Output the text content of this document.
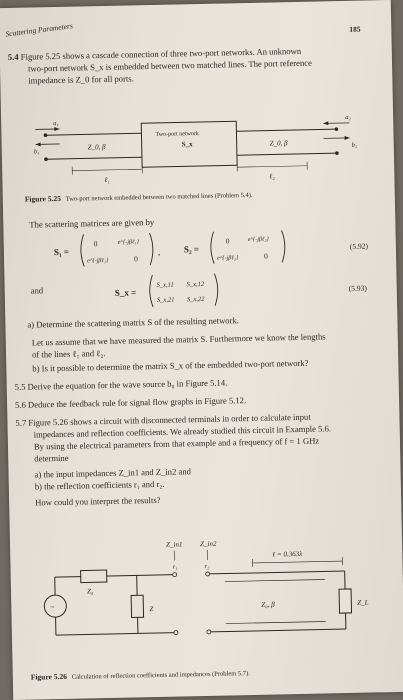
Scattering Parameters	185
5.4 Figure 5.25 shows a cascade connection of three two-port networks. An unknown
two-port network S_x is embedded between two matched lines. The port reference
impedance is Z_0 for all ports.
a₁
b₁
a₂
b₂
Z_0, β	Z_0, β
Two-port network
S_x
ℓ₁	ℓ₂
Figure 5.25 Two-port network embedded between two matched lines (Problem 5.4).
The scattering matrices are given by
S₁ =
0	e^{-jβℓ₁}
e^{-jβℓ₁}	0
,	S₂ =
0	e^{-jβℓ₂}
e^{-jβℓ₂}	0
(5.92)
and	S_x =
S_x,11 S_x,12
S_x,21 S_x,22
(5.93)
a) Determine the scattering matrix S of the resulting network.
Let us assume that we have measured the matrix S. Furthermore we know the lengths
of the lines ℓ₁ and ℓ₂.
b) Is it possible to determine the matrix S_x of the embedded two-port network?
5.5 Derive the equation for the wave source b₀ in Figure 5.14.
5.6 Deduce the feedback rule for signal flow graphs in Figure 5.12.
5.7 Figure 5.26 shows a circuit with disconnected terminals in order to calculate input
impedances and reflection coefficients. We already studied this circuit in Example 5.6.
By using the electrical parameters from that example and a frequency of f = 1 GHz
determine
a) the input impedances Z_in1 and Z_in2 and
b) the reflection coefficients r₁ and r₂.
How could you interpret the results?
Z_in1 Z_in2
r₁	r₂
ℓ = 0.363λ
~
Z₀
Z
Z₀, β	Z_L
Figure 5.26 Calculation of reflection coefficients and impedances (Problem 5.7).
